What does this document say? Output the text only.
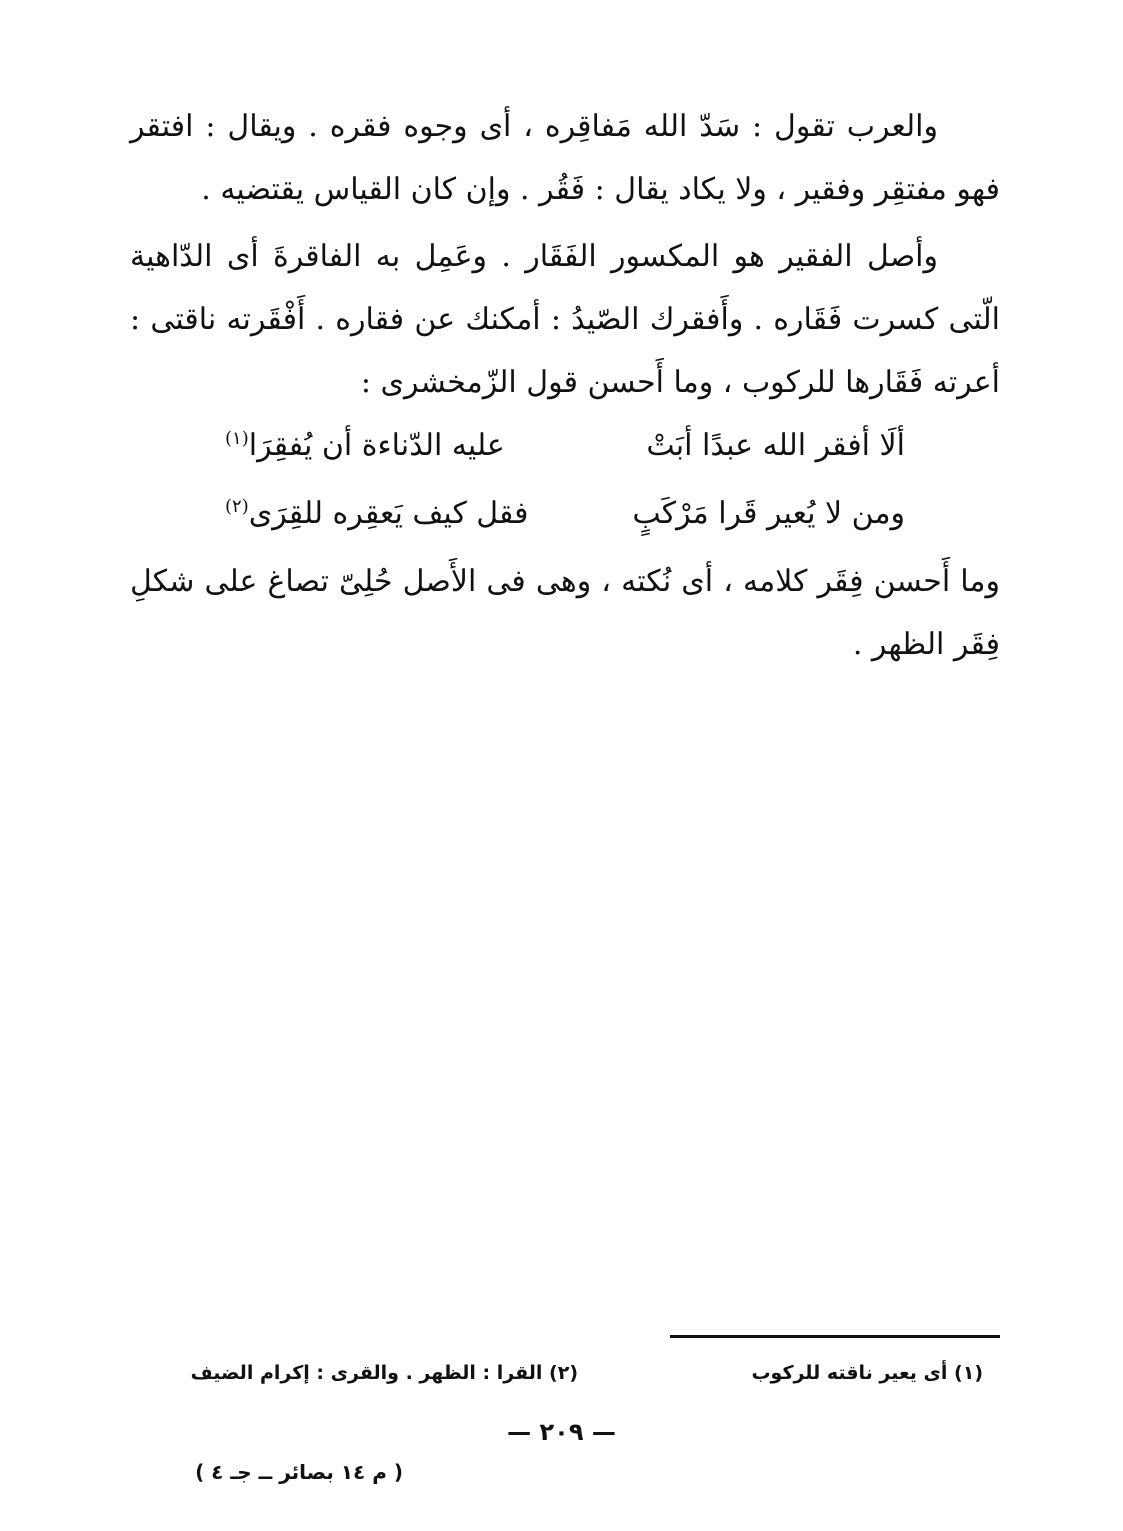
والعرب تقول : سَدّ الله مَفاقِره ، أى وجوه فقره . ويقال : افتقر فهو مفتقِر وفقير ، ولا يكاد يقال : فَقُر . وإن كان القياس يقتضيه .

وأصل الفقير هو المكسور الفَقَار . وعَمِل به الفاقرةَ أى الدّاهية الّتى كسرت فَقَاره . وأَفقرك الصّيدُ : أمكنك عن فقاره . أَفْقَرته ناقتى : أعرته فَقَارها للركوب ، وما أَحسن قول الزّمخشرى :

ألَا أفقر الله عبدًا أبَتْ
عليه الدّناءة أن يُفقِرَا$^{(١)}$
ومن لا يُعير قَرا مَرْكَبٍ
فقل كيف يَعقِره للقِرَى$^{(٢)}$

وما أَحسن فِقَر كلامه ، أى نُكته ، وهى فى الأَصل حُلِىّ تصاغ على شكلِ فِقَر الظهر .

(١) أى يعير ناقته للركوب
(٢) القرا : الظهر . والقرى : إكرام الضيف
— ٢٠٩ —
( م ١٤ بصائر ــ جـ ٤ )
